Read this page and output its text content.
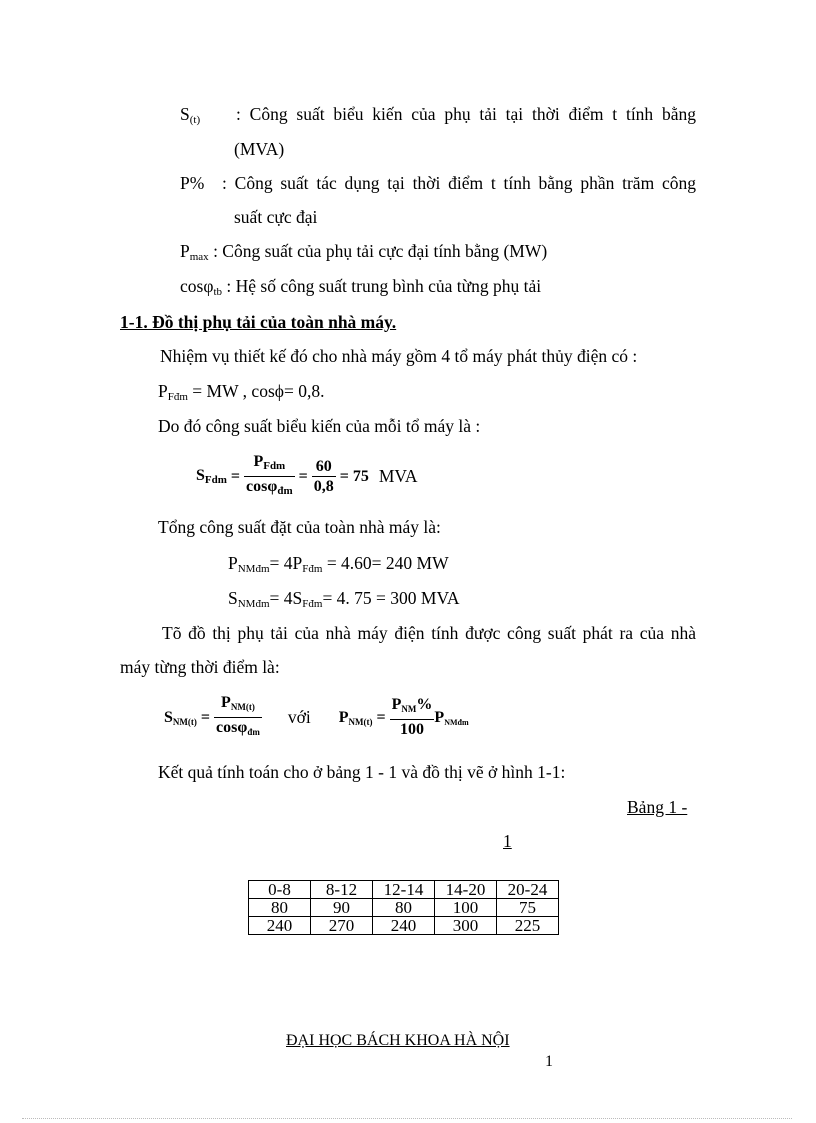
$S_{(t)}$ : Công suất biểu kiến của phụ tải tại thời điểm t tính bằng
(MVA)
P% : Công suất tác dụng tại thời điểm t tính bằng phần trăm công
suất cực đại
$P_{max}$ : Công suất của phụ tải cực đại tính bằng (MW)
cosφ$_{tb}$ : Hệ số công suất trung bình của từng phụ tải
1-1. Đồ thị phụ tải của toàn nhà máy.
Nhiệm vụ thiết kế đó cho nhà máy gồm 4 tổ máy phát thủy điện có :
$P_{Fđm}$ = MW , cosϕ= 0,8.
Do đó công suất biểu kiến của mỗi tổ máy là :
$S_{Fdm} = \frac{P_{Fdm}}{\cos\varphi_{đm}} = \frac{60}{0,8} = 75$ MVA
Tổng công suất đặt của toàn nhà máy là:
$P_{NMđm}= 4P_{Fđm} = 4.60= 240$ MW
$S_{NMđm}= 4S_{Fđm}= 4$. 75 = 300 MVA
Tõ đồ thị phụ tải của nhà máy điện tính được công suất phát ra của nhà
máy từng thời điểm là:
$S_{NM(t)} = \frac{P_{NM(t)}}{\cos\varphi_{đm}}$ với $P_{NM(t)} = \frac{P_{NM}\%}{100} P_{NMđm}$
Kết quả tính toán cho ở bảng 1 - 1 và đồ thị vẽ ở hình 1-1:
Bảng 1 -
1
0-8	8-12	12-14	14-20	20-24
80	90	80	100	75
240	270	240	300	225
ĐẠI HỌC BÁCH KHOA HÀ NỘI
1
